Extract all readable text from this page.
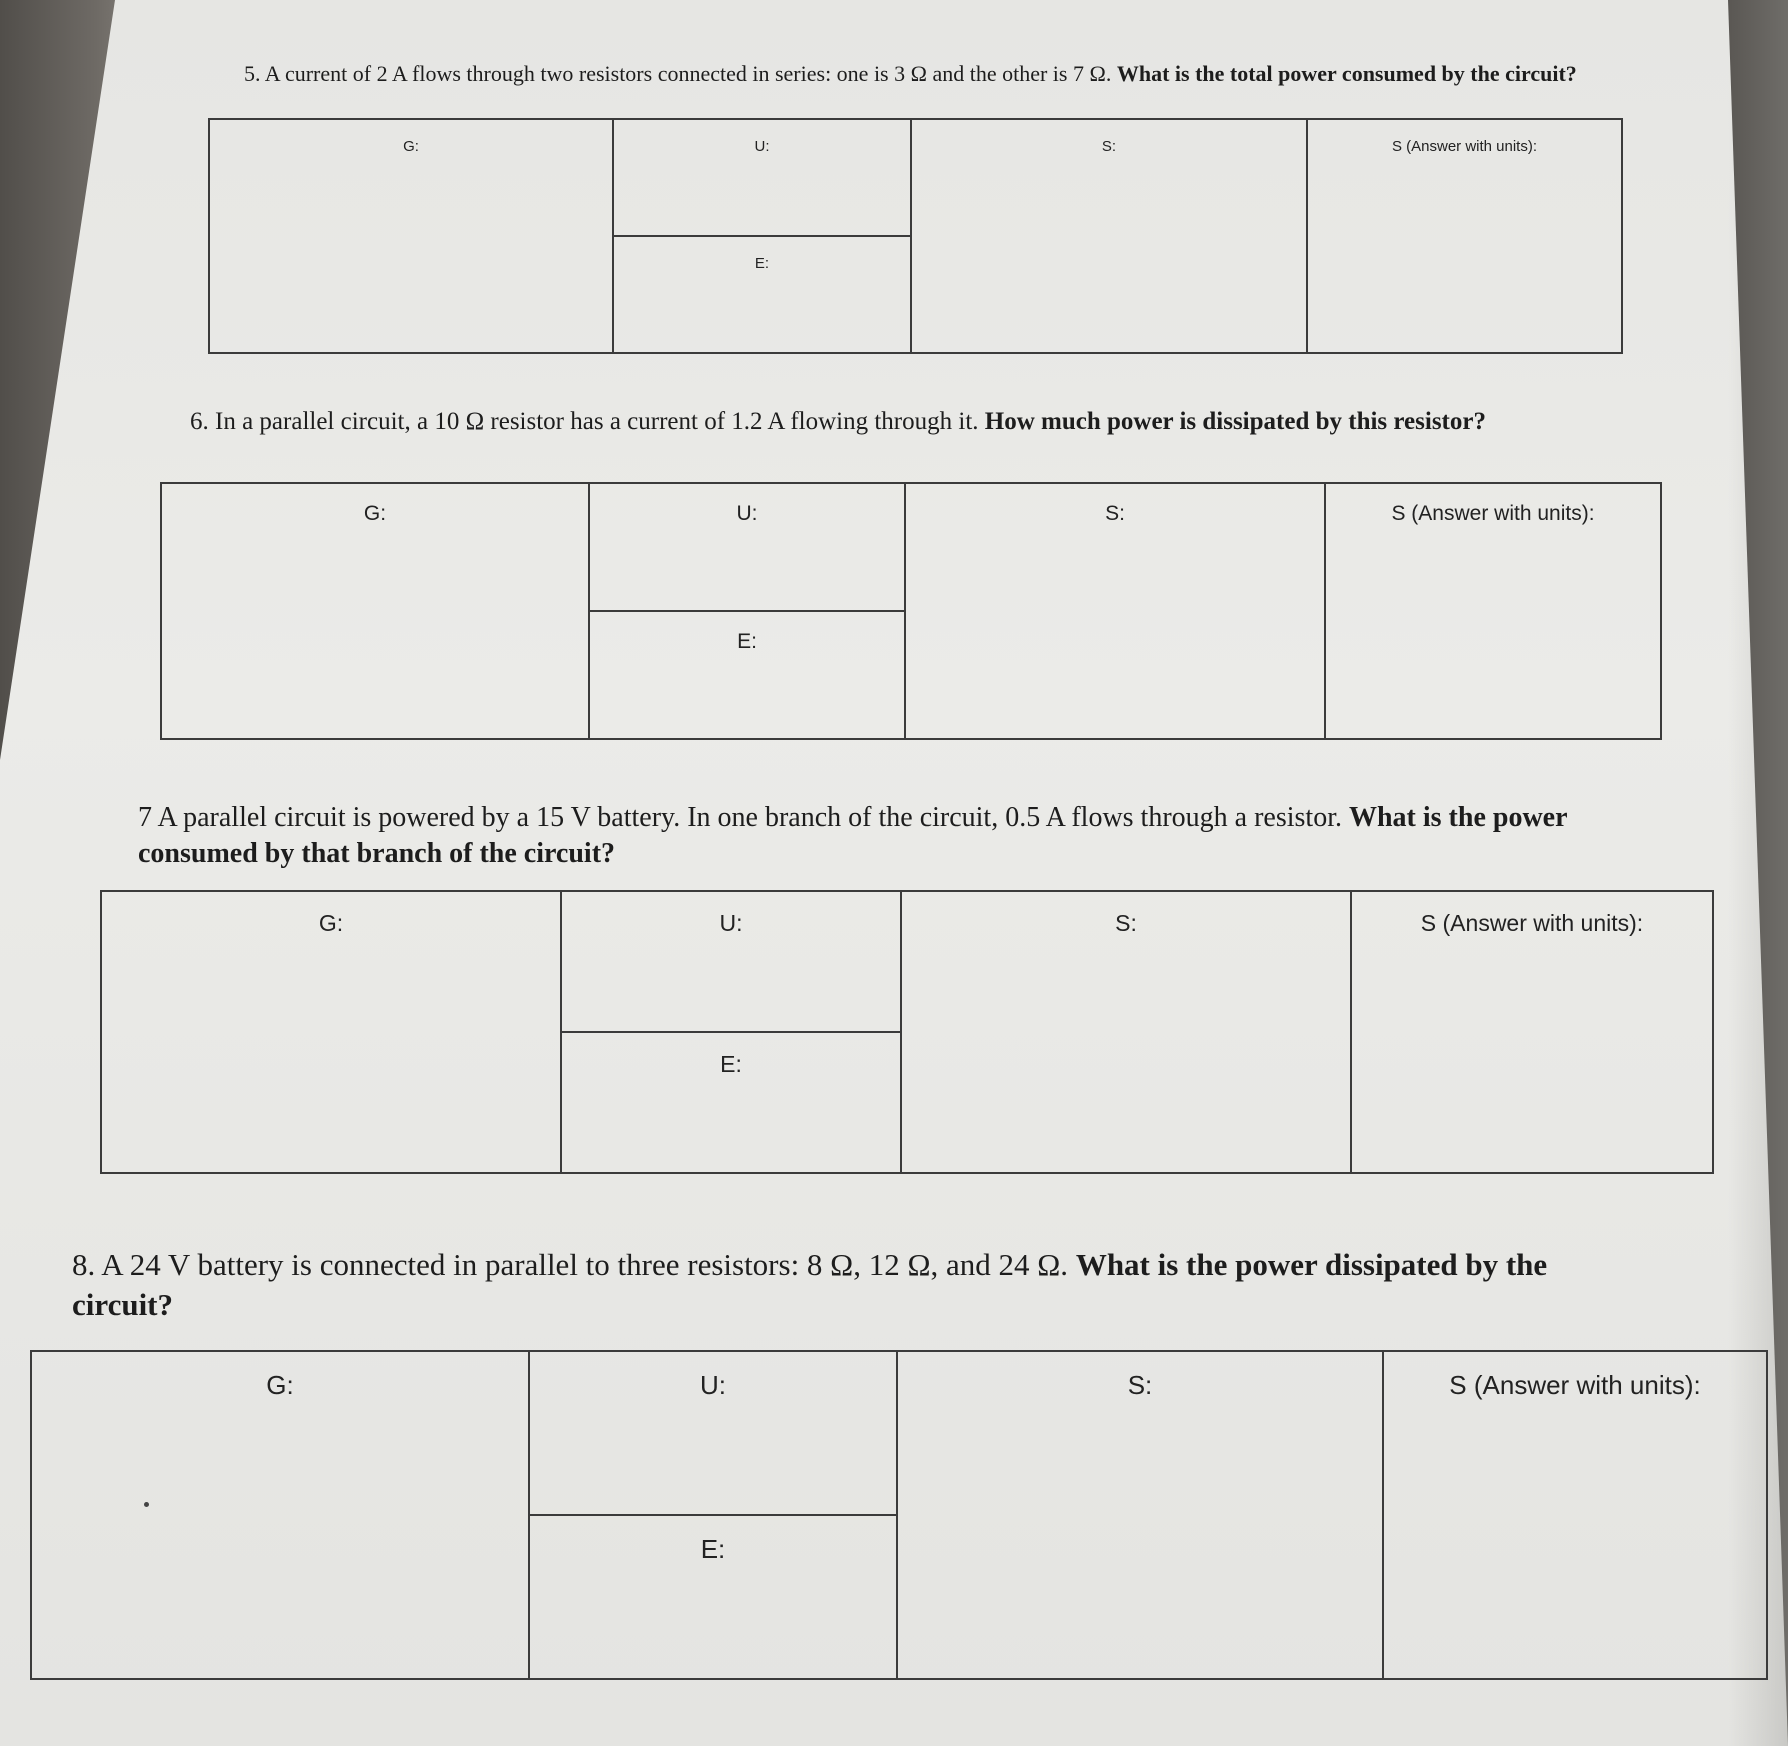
5. A current of 2 A flows through two resistors connected in series: one is 3 Ω and the other is 7 Ω. What is the total power consumed by the circuit?
G:	U:
E:
S:	S (Answer with units):
6. In a parallel circuit, a 10 Ω resistor has a current of 1.2 A flowing through it. How much power is dissipated by this resistor?
G:	U:
E:
S:	S (Answer with units):
7 A parallel circuit is powered by a 15 V battery. In one branch of the circuit, 0.5 A flows through a resistor. What is the power consumed by that branch of the circuit?
G:	U:
E:
S:	S (Answer with units):
8. A 24 V battery is connected in parallel to three resistors: 8 Ω, 12 Ω, and 24 Ω. What is the power dissipated by the circuit?
G:	U:
E:
S:	S (Answer with units):
